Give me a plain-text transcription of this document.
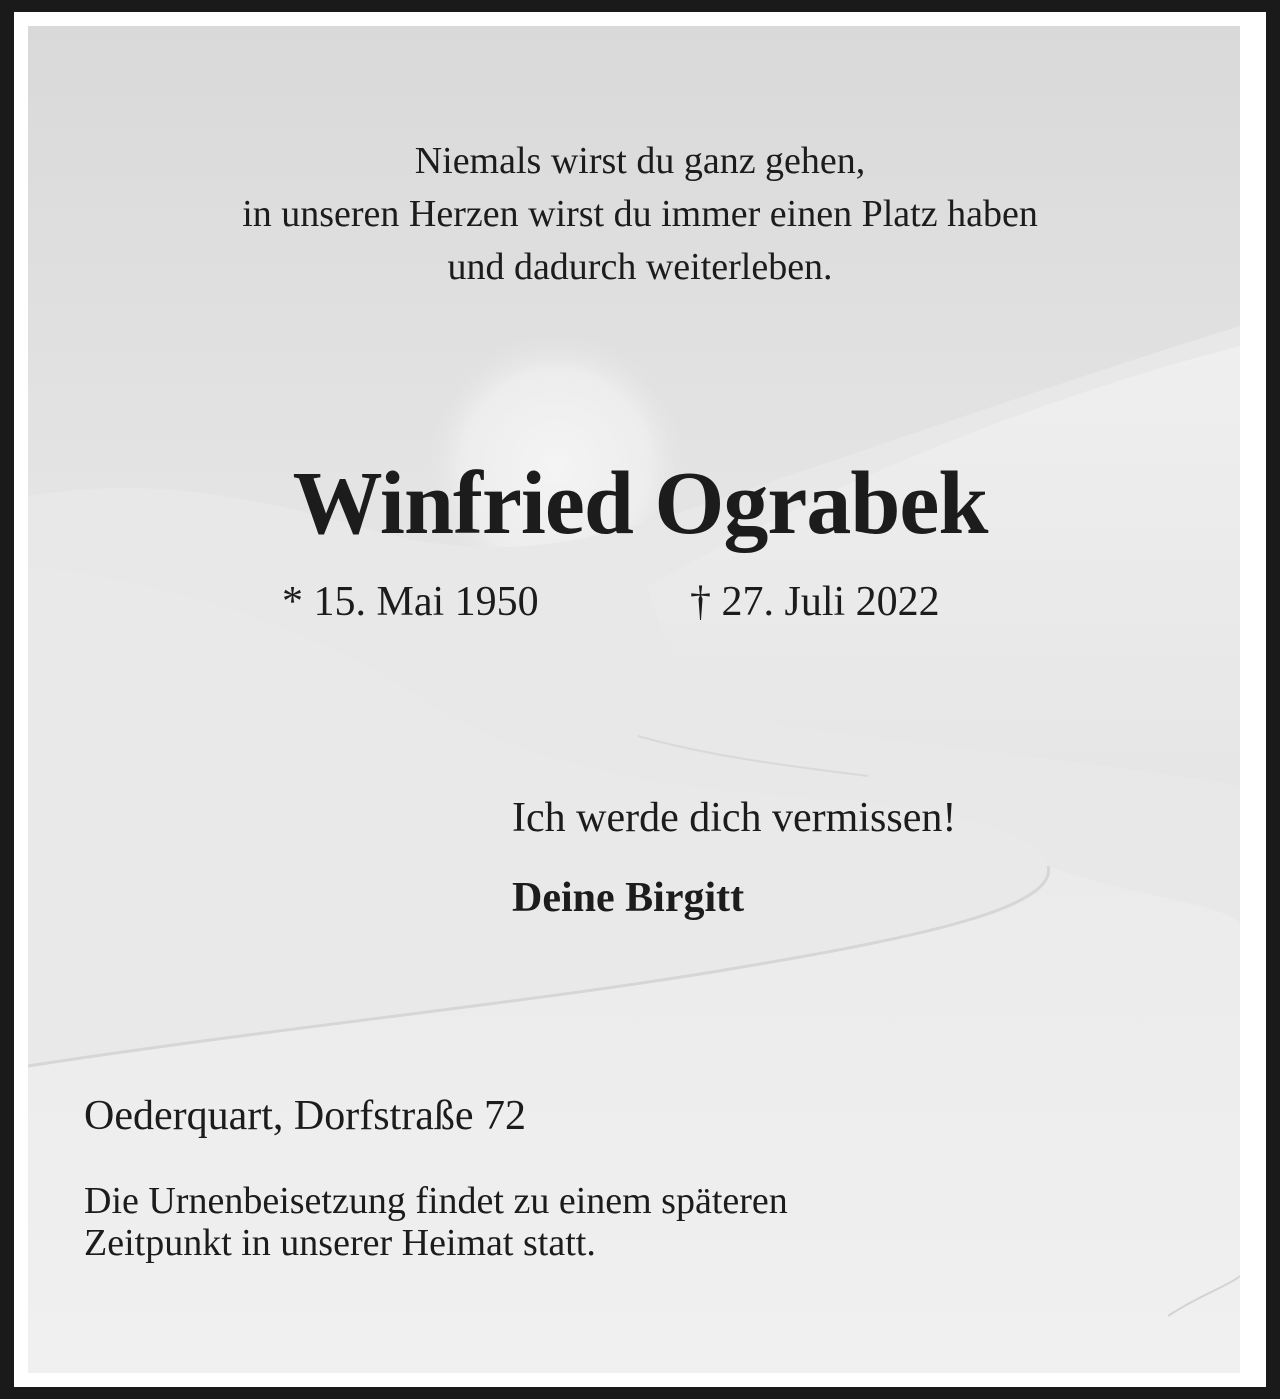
Niemals wirst du ganz gehen,
in unseren Herzen wirst du immer einen Platz haben
und dadurch weiterleben.
Winfried Ograbek
* 15. Mai 1950	† 27. Juli 2022
Ich werde dich vermissen!
Deine Birgitt
Oederquart, Dorfstraße 72
Die Urnenbeisetzung findet zu einem späteren
Zeitpunkt in unserer Heimat statt.
